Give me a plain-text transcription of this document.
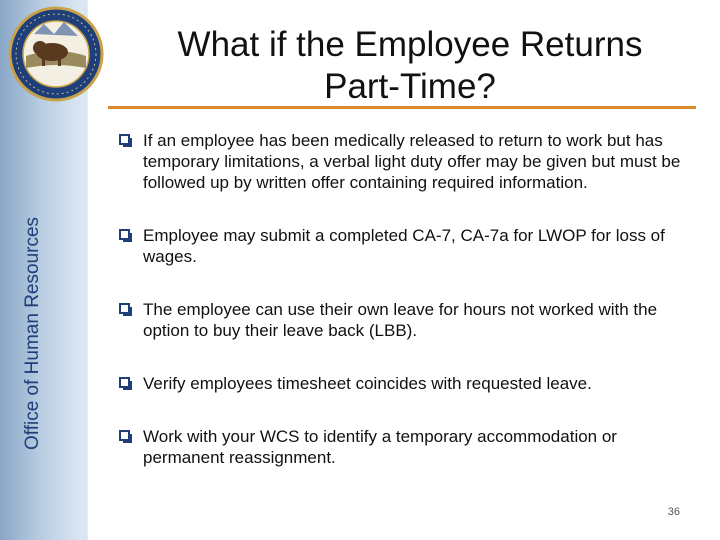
Office of Human Resources
What if the Employee Returns
Part-Time?
If an employee has been medically released to return to work but has temporary limitations, a verbal light duty offer may be given but must be followed up by written offer containing required information.
Employee may submit a completed CA-7, CA-7a for LWOP for loss of wages.
The employee can use their own leave for hours not worked with the option to buy their leave back (LBB).
Verify employees timesheet coincides with requested leave.
Work with your WCS to identify a temporary accommodation or permanent reassignment.
36
